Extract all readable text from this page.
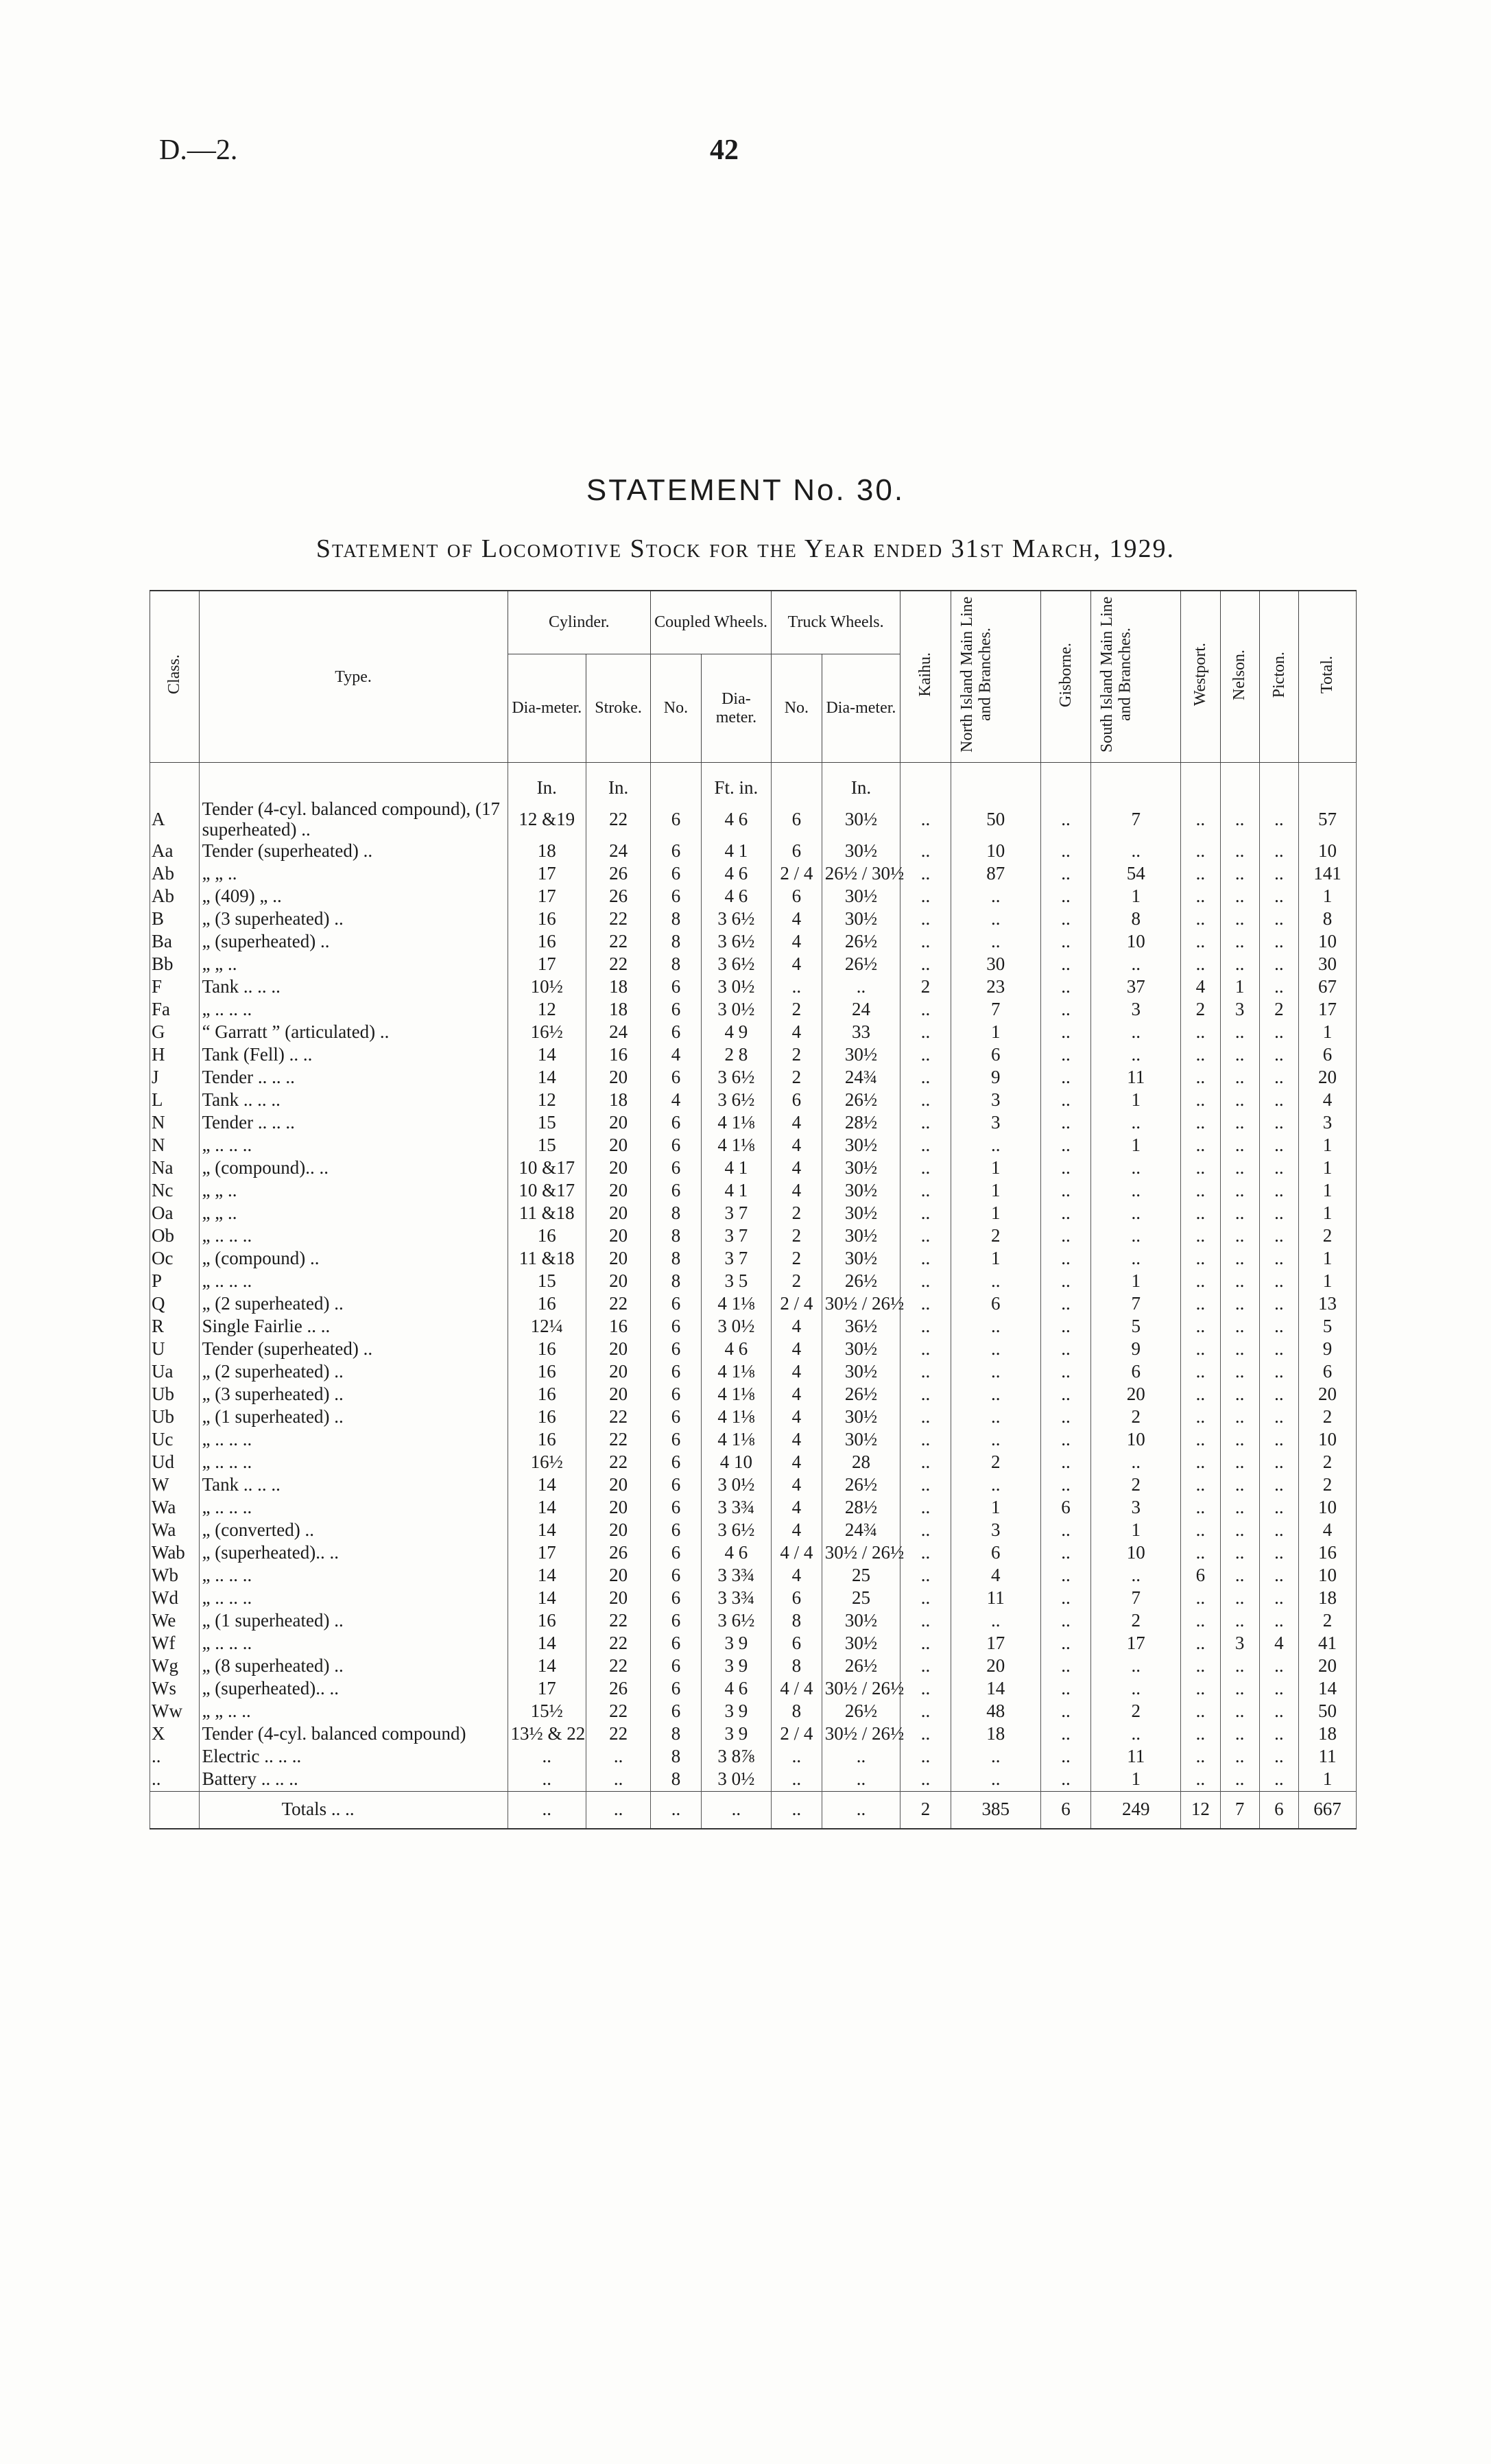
D.—2.	42
STATEMENT No. 30.
Statement of Locomotive Stock for the Year ended 31st March, 1929.
Class.	Type.	Cylinder.		Coupled Wheels.		Truck Wheels.		Kaihu.	North Island Main Line and Branches.	Gisborne.	South Island Main Line and Branches.	Westport.	Nelson.	Picton.	Total.
		Dia-meter.	Stroke.	No.	Dia-meter.	No.	Dia-meter.								
		In.	In.		Ft. in.		In.								
A	Tender (4-cyl. balanced compound), (17 superheated) ..	12 &19	22	6	4 6	6	30½	..	50	..	7	..	..	..	57
Aa	Tender (superheated) ..	18	24	6	4 1	6	30½	..	10	..	..	..	..	..	10
Ab	„ „ ..	17	26	6	4 6	2 / 4	26½ / 30½	..	87	..	54	..	..	..	141
Ab	„ (409) „ ..	17	26	6	4 6	6	30½	..	..	..	1	..	..	..	1
B	„ (3 superheated) ..	16	22	8	3 6½	4	30½	..	..	..	8	..	..	..	8
Ba	„ (superheated) ..	16	22	8	3 6½	4	26½	..	..	..	10	..	..	..	10
Bb	„ „ ..	17	22	8	3 6½	4	26½	..	30	..	..	..	..	..	30
F	Tank .. .. ..	10½	18	6	3 0½	..	..	2	23	..	37	4	1	..	67
Fa	„ .. .. ..	12	18	6	3 0½	2	24	..	7	..	3	2	3	2	17
G	“ Garratt ” (articulated) ..	16½	24	6	4 9	4	33	..	1	..	..	..	..	..	1
H	Tank (Fell) .. ..	14	16	4	2 8	2	30½	..	6	..	..	..	..	..	6
J	Tender .. .. ..	14	20	6	3 6½	2	24¾	..	9	..	11	..	..	..	20
L	Tank .. .. ..	12	18	4	3 6½	6	26½	..	3	..	1	..	..	..	4
N	Tender .. .. ..	15	20	6	4 1⅛	4	28½	..	3	..	..	..	..	..	3
N	„ .. .. ..	15	20	6	4 1⅛	4	30½	..	..	..	1	..	..	..	1
Na	„ (compound).. ..	10 &17	20	6	4 1	4	30½	..	1	..	..	..	..	..	1
Nc	„ „ ..	10 &17	20	6	4 1	4	30½	..	1	..	..	..	..	..	1
Oa	„ „ ..	11 &18	20	8	3 7	2	30½	..	1	..	..	..	..	..	1
Ob	„ .. .. ..	16	20	8	3 7	2	30½	..	2	..	..	..	..	..	2
Oc	„ (compound) ..	11 &18	20	8	3 7	2	30½	..	1	..	..	..	..	..	1
P	„ .. .. ..	15	20	8	3 5	2	26½	..	..	..	1	..	..	..	1
Q	„ (2 superheated) ..	16	22	6	4 1⅛	2 / 4	30½ / 26½	..	6	..	7	..	..	..	13
R	Single Fairlie .. ..	12¼	16	6	3 0½	4	36½	..	..	..	5	..	..	..	5
U	Tender (superheated) ..	16	20	6	4 6	4	30½	..	..	..	9	..	..	..	9
Ua	„ (2 superheated) ..	16	20	6	4 1⅛	4	30½	..	..	..	6	..	..	..	6
Ub	„ (3 superheated) ..	16	20	6	4 1⅛	4	26½	..	..	..	20	..	..	..	20
Ub	„ (1 superheated) ..	16	22	6	4 1⅛	4	30½	..	..	..	2	..	..	..	2
Uc	„ .. .. ..	16	22	6	4 1⅛	4	30½	..	..	..	10	..	..	..	10
Ud	„ .. .. ..	16½	22	6	4 10	4	28	..	2	..	..	..	..	..	2
W	Tank .. .. ..	14	20	6	3 0½	4	26½	..	..	..	2	..	..	..	2
Wa	„ .. .. ..	14	20	6	3 3¾	4	28½	..	1	6	3	..	..	..	10
Wa	„ (converted) ..	14	20	6	3 6½	4	24¾	..	3	..	1	..	..	..	4
Wab	„ (superheated).. ..	17	26	6	4 6	4 / 4	30½ / 26½	..	6	..	10	..	..	..	16
Wb	„ .. .. ..	14	20	6	3 3¾	4	25	..	4	..	..	6	..	..	10
Wd	„ .. .. ..	14	20	6	3 3¾	6	25	..	11	..	7	..	..	..	18
We	„ (1 superheated) ..	16	22	6	3 6½	8	30½	..	..	..	2	..	..	..	2
Wf	„ .. .. ..	14	22	6	3 9	6	30½	..	17	..	17	..	3	4	41
Wg	„ (8 superheated) ..	14	22	6	3 9	8	26½	..	20	..	..	..	..	..	20
Ws	„ (superheated).. ..	17	26	6	4 6	4 / 4	30½ / 26½	..	14	..	..	..	..	..	14
Ww	„ „ .. ..	15½	22	6	3 9	8	26½	..	48	..	2	..	..	..	50
X	Tender (4-cyl. balanced compound)	13½ & 22	22	8	3 9	2 / 4	30½ / 26½	..	18	..	..	..	..	..	18
..	Electric .. .. ..	..	..	8	3 8⅞	..	..	..	..	..	11	..	..	..	11
..	Battery .. .. ..	..	..	8	3 0½	..	..	..	..	..	1	..	..	..	1
	Totals .. ..	..	..	..	..	..	..	2	385	6	249	12	7	6	667
